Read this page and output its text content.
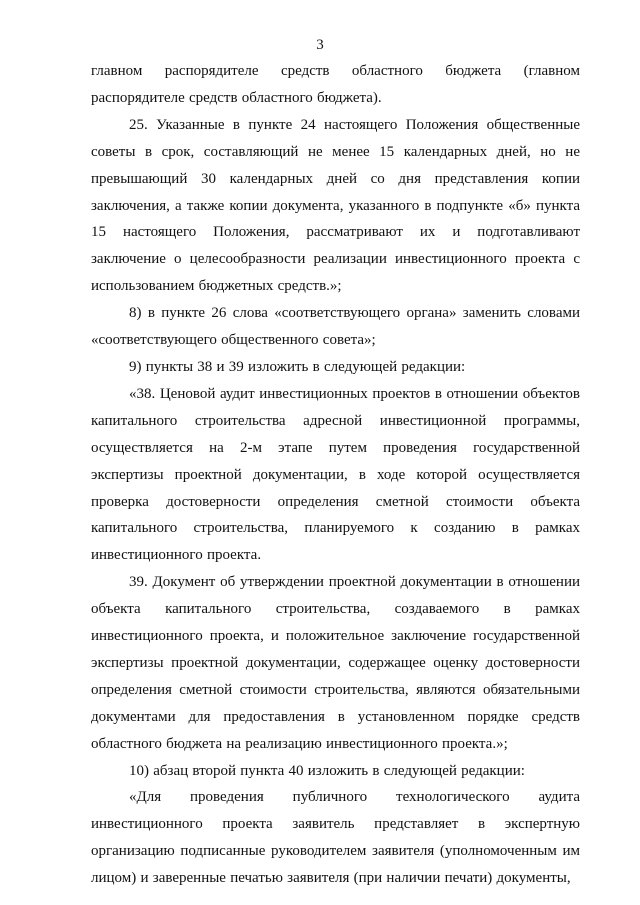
3

главном распорядителе средств областного бюджета (главном распорядителе средств областного бюджета).

25. Указанные в пункте 24 настоящего Положения общественные советы в срок, составляющий не менее 15 календарных дней, но не превышающий 30 календарных дней со дня представления копии заключения, а также копии документа, указанного в подпункте «б» пункта 15 настоящего Положения, рассматривают их и подготавливают заключение о целесообразности реализации инвестиционного проекта с использованием бюджетных средств.»;

8) в пункте 26 слова «соответствующего органа» заменить словами «соответствующего общественного совета»;

9) пункты 38 и 39 изложить в следующей редакции:

«38. Ценовой аудит инвестиционных проектов в отношении объектов капитального строительства адресной инвестиционной программы, осуществляется на 2-м этапе путем проведения государственной экспертизы проектной документации, в ходе которой осуществляется проверка достоверности определения сметной стоимости объекта капитального строительства, планируемого к созданию в рамках инвестиционного проекта.

39. Документ об утверждении проектной документации в отношении объекта капитального строительства, создаваемого в рамках инвестиционного проекта, и положительное заключение государственной экспертизы проектной документации, содержащее оценку достоверности определения сметной стоимости строительства, являются обязательными документами для предоставления в установленном порядке средств областного бюджета на реализацию инвестиционного проекта.»;

10) абзац второй пункта 40 изложить в следующей редакции:

«Для проведения публичного технологического аудита инвестиционного проекта заявитель представляет в экспертную организацию подписанные руководителем заявителя (уполномоченным им лицом) и заверенные печатью заявителя (при наличии печати) документы,
